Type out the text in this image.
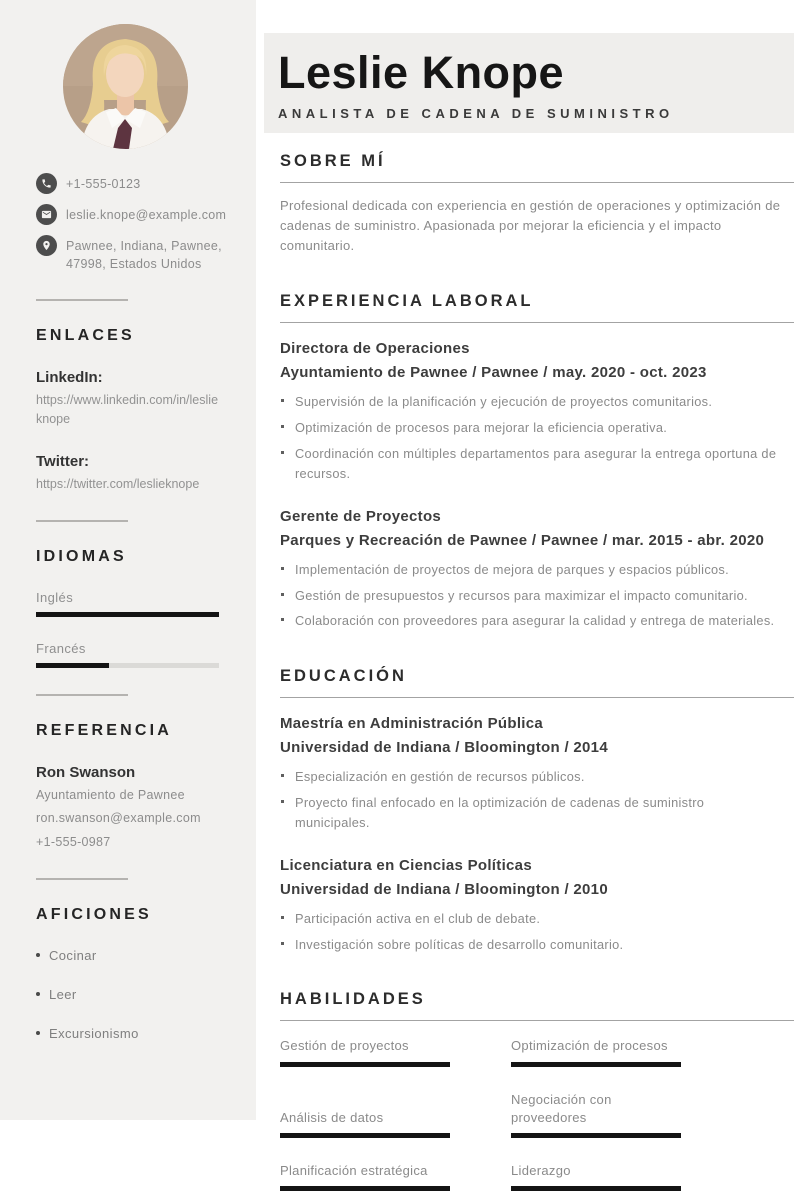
+1-555-0123
leslie.knope@example.com
Pawnee, Indiana, Pawnee, 47998, Estados Unidos
ENLACES
LinkedIn:
https://www.linkedin.com/in/leslieknope
Twitter:
https://twitter.com/leslieknope
IDIOMAS
Inglés
Francés
REFERENCIA
Ron Swanson
Ayuntamiento de Pawnee
ron.swanson@example.com
+1-555-0987
AFICIONES
Cocinar
Leer
Excursionismo
Leslie Knope
ANALISTA DE CADENA DE SUMINISTRO
SOBRE MÍ

Profesional dedicada con experiencia en gestión de operaciones y optimización de cadenas de suministro. Apasionada por mejorar la eficiencia y el impacto comunitario.

EXPERIENCIA LABORAL
Directora de Operaciones
Ayuntamiento de Pawnee / Pawnee / may. 2020 - oct. 2023
Supervisión de la planificación y ejecución de proyectos comunitarios.
Optimización de procesos para mejorar la eficiencia operativa.
Coordinación con múltiples departamentos para asegurar la entrega oportuna de recursos.
Gerente de Proyectos
Parques y Recreación de Pawnee / Pawnee / mar. 2015 - abr. 2020
Implementación de proyectos de mejora de parques y espacios públicos.
Gestión de presupuestos y recursos para maximizar el impacto comunitario.
Colaboración con proveedores para asegurar la calidad y entrega de materiales.
EDUCACIÓN
Maestría en Administración Pública
Universidad de Indiana / Bloomington / 2014
Especialización en gestión de recursos públicos.
Proyecto final enfocado en la optimización de cadenas de suministro municipales.
Licenciatura en Ciencias Políticas
Universidad de Indiana / Bloomington / 2010
Participación activa en el club de debate.
Investigación sobre políticas de desarrollo comunitario.
HABILIDADES
Gestión de proyectos	Optimización de procesos
Análisis de datos
Negociación con proveedores
Planificación estratégica	Liderazgo
